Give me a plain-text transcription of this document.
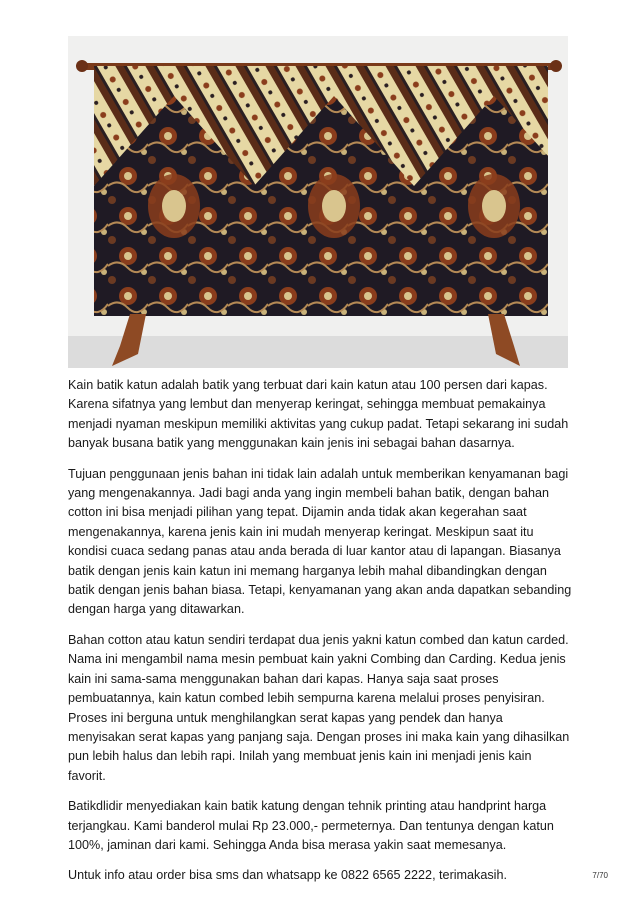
Kain batik katun adalah batik yang terbuat dari kain katun atau 100 persen dari kapas. Karena sifatnya yang lembut dan menyerap keringat, sehingga membuat pemakainya menjadi nyaman meskipun memiliki aktivitas yang cukup padat. Tetapi sekarang ini sudah banyak busana batik yang menggunakan kain jenis ini sebagai bahan dasarnya.

Tujuan penggunaan jenis bahan ini tidak lain adalah untuk memberikan kenyamanan bagi yang mengenakannya. Jadi bagi anda yang ingin membeli bahan batik, dengan bahan cotton ini bisa menjadi pilihan yang tepat. Dijamin anda tidak akan kegerahan saat mengenakannya, karena jenis kain ini mudah menyerap keringat. Meskipun saat itu kondisi cuaca sedang panas atau anda berada di luar kantor atau di lapangan. Biasanya batik dengan jenis kain katun ini memang harganya lebih mahal dibandingkan dengan batik dengan jenis bahan biasa. Tetapi, kenyamanan yang akan anda dapatkan sebanding dengan harga yang ditawarkan.

Bahan cotton atau katun sendiri terdapat dua jenis yakni katun combed dan katun carded. Nama ini mengambil nama mesin pembuat kain yakni Combing dan Carding. Kedua jenis kain ini sama-sama menggunakan bahan dari kapas. Hanya saja saat proses pembuatannya, kain katun combed lebih sempurna karena melalui proses penyisiran. Proses ini berguna untuk menghilangkan serat kapas yang pendek dan hanya menyisakan serat kapas yang panjang saja. Dengan proses ini maka kain yang dihasilkan pun lebih halus dan lebih rapi. Inilah yang membuat jenis kain ini menjadi jenis kain favorit.

Batikdlidir menyediakan kain batik katung dengan tehnik printing atau handprint harga terjangkau. Kami banderol mulai Rp 23.000,- permeternya. Dan tentunya dengan katun 100%, jaminan dari kami. Sehingga Anda bisa merasa yakin saat memesanya.

Untuk info atau order bisa sms dan whatsapp ke 0822 6565 2222, terimakasih.	7/70
